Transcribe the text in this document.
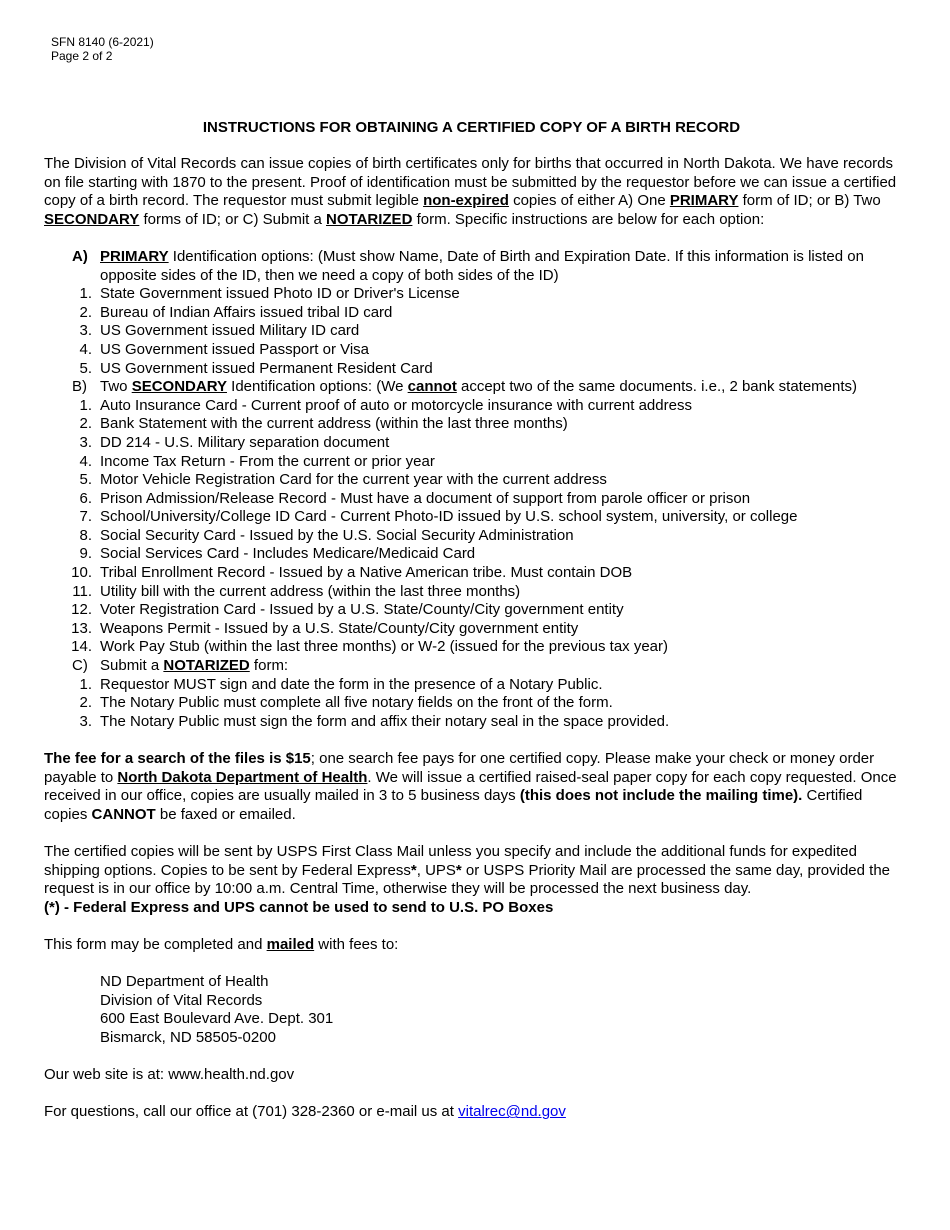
SFN 8140 (6-2021)
Page 2 of 2
INSTRUCTIONS FOR OBTAINING A CERTIFIED COPY OF A BIRTH RECORD

The Division of Vital Records can issue copies of birth certificates only for births that occurred in North Dakota. We have records on file starting with 1870 to the present. Proof of identification must be submitted by the requestor before we can issue a certified copy of a birth record. The requestor must submit legible non-expired copies of either A) One PRIMARY form of ID; or B) Two SECONDARY forms of ID; or C) Submit a NOTARIZED form. Specific instructions are below for each option:

A) PRIMARY Identification options: (Must show Name, Date of Birth and Expiration Date. If this information is listed on opposite sides of the ID, then we need a copy of both sides of the ID)
1. State Government issued Photo ID or Driver's License
2. Bureau of Indian Affairs issued tribal ID card
3. US Government issued Military ID card
4. US Government issued Passport or Visa
5. US Government issued Permanent Resident Card
B) Two SECONDARY Identification options: (We cannot accept two of the same documents. i.e., 2 bank statements)
1. Auto Insurance Card - Current proof of auto or motorcycle insurance with current address
2. Bank Statement with the current address (within the last three months)
3. DD 214 - U.S. Military separation document
4. Income Tax Return - From the current or prior year
5. Motor Vehicle Registration Card for the current year with the current address
6. Prison Admission/Release Record - Must have a document of support from parole officer or prison
7. School/University/College ID Card - Current Photo-ID issued by U.S. school system, university, or college
8. Social Security Card - Issued by the U.S. Social Security Administration
9. Social Services Card - Includes Medicare/Medicaid Card
10. Tribal Enrollment Record - Issued by a Native American tribe. Must contain DOB
11. Utility bill with the current address (within the last three months)
12. Voter Registration Card - Issued by a U.S. State/County/City government entity
13. Weapons Permit - Issued by a U.S. State/County/City government entity
14. Work Pay Stub (within the last three months) or W-2 (issued for the previous tax year)
C) Submit a NOTARIZED form:
1. Requestor MUST sign and date the form in the presence of a Notary Public.
2. The Notary Public must complete all five notary fields on the front of the form.
3. The Notary Public must sign the form and affix their notary seal in the space provided.

The fee for a search of the files is $15; one search fee pays for one certified copy. Please make your check or money order payable to North Dakota Department of Health. We will issue a certified raised-seal paper copy for each copy requested. Once received in our office, copies are usually mailed in 3 to 5 business days (this does not include the mailing time). Certified copies CANNOT be faxed or emailed.

The certified copies will be sent by USPS First Class Mail unless you specify and include the additional funds for expedited shipping options. Copies to be sent by Federal Express*, UPS* or USPS Priority Mail are processed the same day, provided the request is in our office by 10:00 a.m. Central Time, otherwise they will be processed the next business day.
(*) - Federal Express and UPS cannot be used to send to U.S. PO Boxes

This form may be completed and mailed with fees to:

ND Department of Health
Division of Vital Records
600 East Boulevard Ave. Dept. 301
Bismarck, ND 58505-0200

Our web site is at: www.health.nd.gov

For questions, call our office at (701) 328-2360 or e-mail us at vitalrec@nd.gov
